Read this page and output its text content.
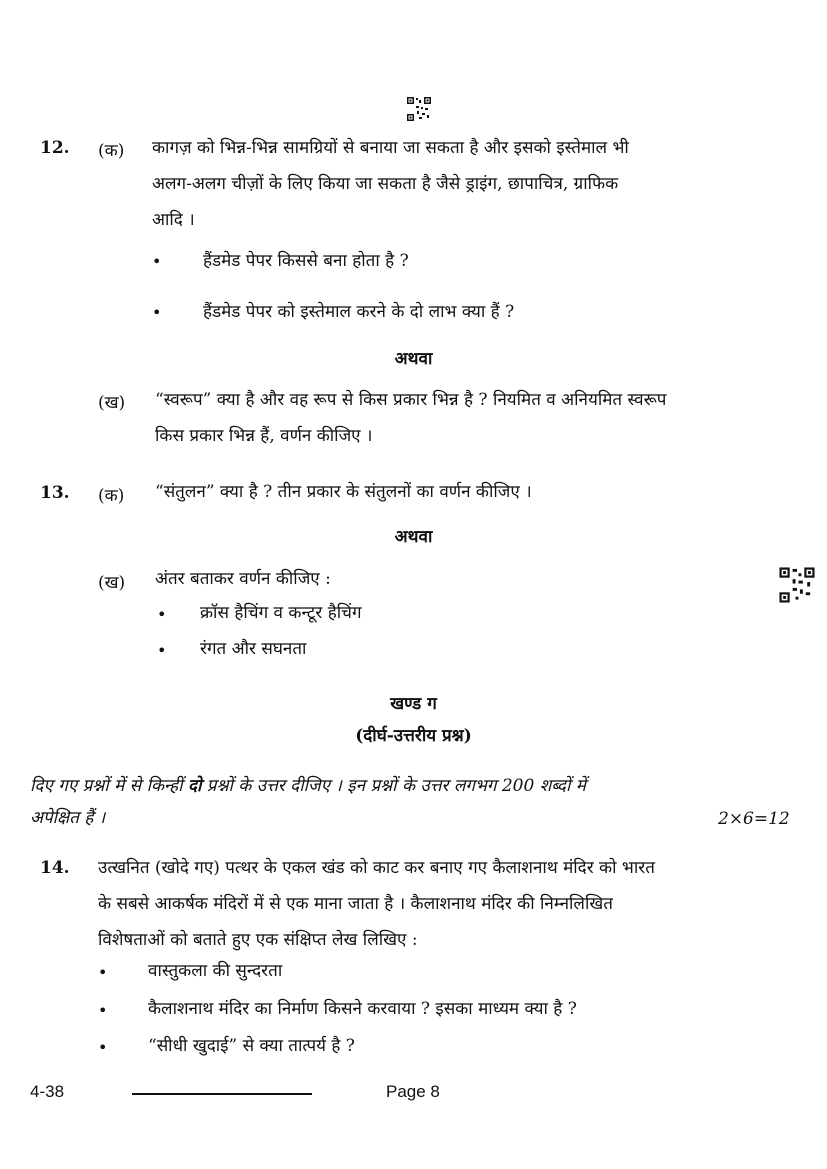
12. (क) कागज़ को भिन्न-भिन्न सामग्रियों से बनाया जा सकता है और इसको इस्तेमाल भी
अलग-अलग चीज़ों के लिए किया जा सकता है जैसे ड्राइंग, छापाचित्र, ग्राफिक
आदि ।
• हैंडमेड पेपर किससे बना होता है ?
• हैंडमेड पेपर को इस्तेमाल करने के दो लाभ क्या हैं ?
अथवा
(ख) “स्वरूप” क्या है और वह रूप से किस प्रकार भिन्न है ? नियमित व अनियमित स्वरूप
किस प्रकार भिन्न हैं, वर्णन कीजिए ।
13. (क) “संतुलन” क्या है ? तीन प्रकार के संतुलनों का वर्णन कीजिए ।
अथवा
(ख) अंतर बताकर वर्णन कीजिए :
• क्रॉस हैचिंग व कन्टूर हैचिंग
• रंगत और सघनता
खण्ड ग
(दीर्घ-उत्तरीय प्रश्न)
दिए गए प्रश्नों में से किन्हीं दो प्रश्नों के उत्तर दीजिए । इन प्रश्नों के उत्तर लगभग 200 शब्दों में
अपेक्षित हैं ।	2×6=12
14. उत्खनित (खोदे गए) पत्थर के एकल खंड को काट कर बनाए गए कैलाशनाथ मंदिर को भारत
के सबसे आकर्षक मंदिरों में से एक माना जाता है । कैलाशनाथ मंदिर की निम्नलिखित
विशेषताओं को बताते हुए एक संक्षिप्त लेख लिखिए :
• वास्तुकला की सुन्दरता
• कैलाशनाथ मंदिर का निर्माण किसने करवाया ? इसका माध्यम क्या है ?
• “सीधी खुदाई” से क्या तात्पर्य है ?
4-38	Page 8
